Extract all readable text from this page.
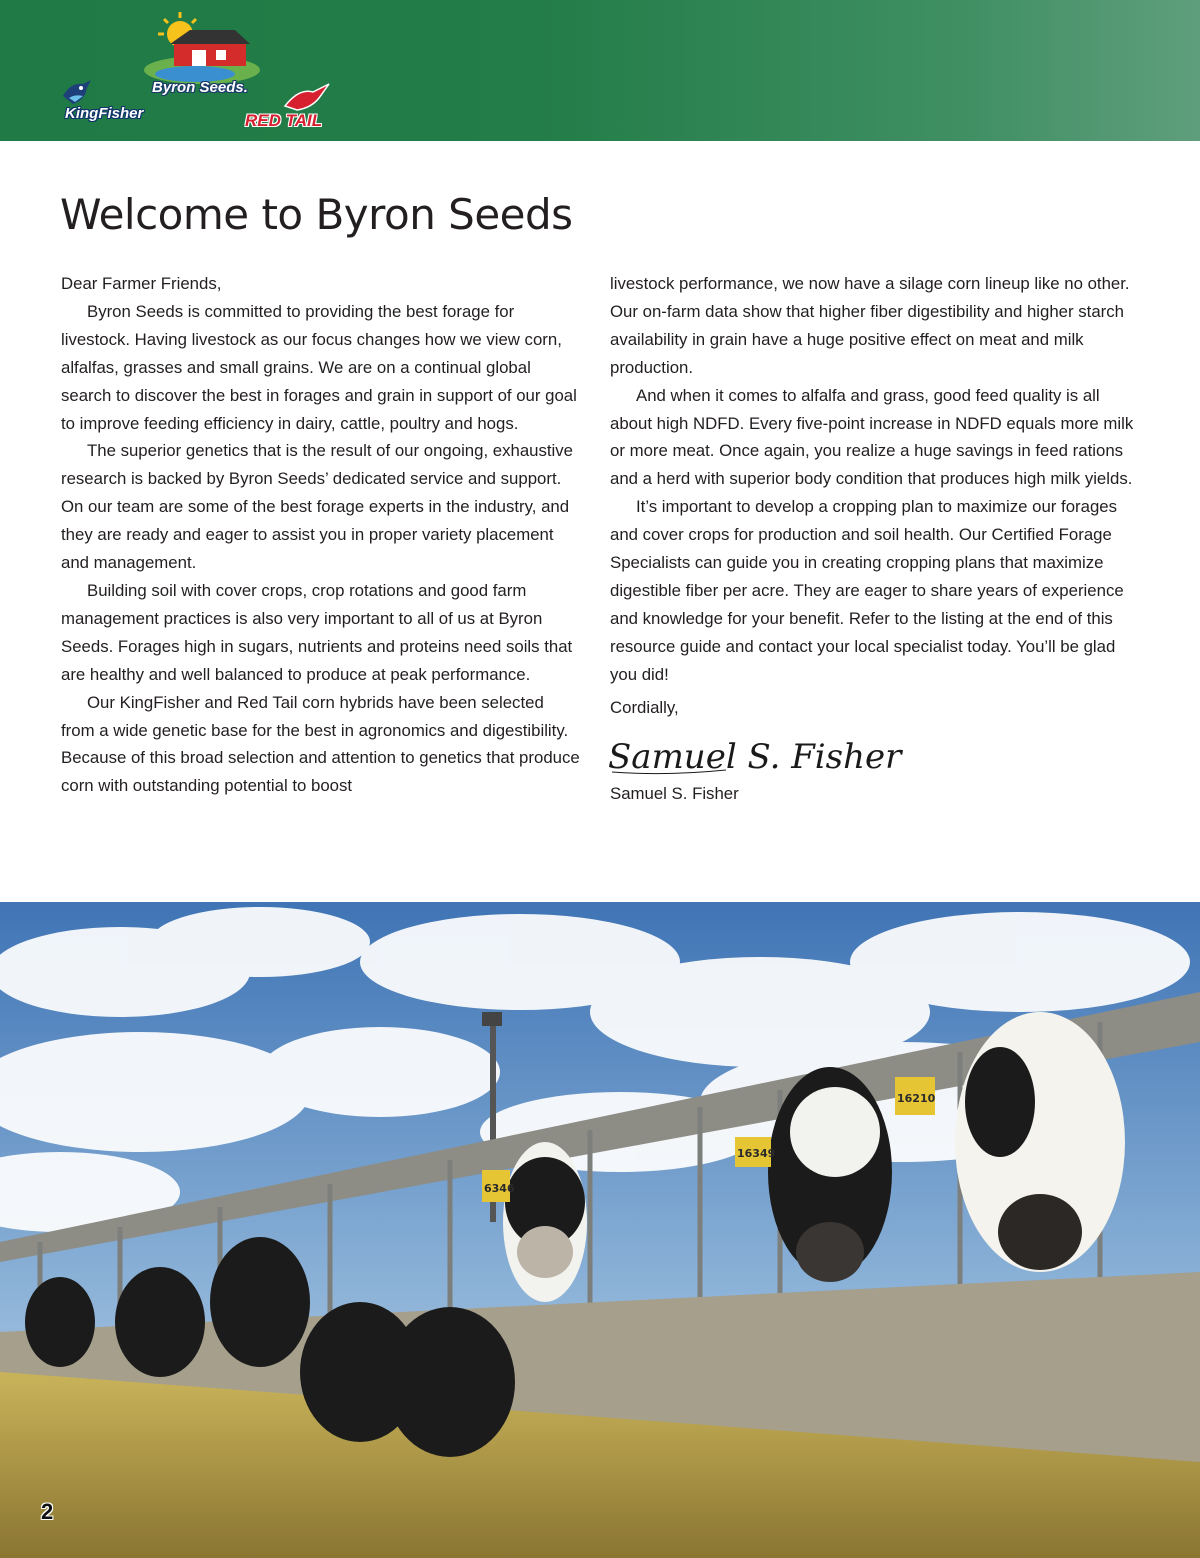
Byron Seeds.
KingFisher	RED TAIL
Welcome to Byron Seeds

Dear Farmer Friends,

Byron Seeds is committed to providing the best forage for livestock. Having livestock as our focus changes how we view corn, alfalfas, grasses and small grains. We are on a continual global search to discover the best in forages and grain in support of our goal to improve feeding efficiency in dairy, cattle, poultry and hogs.

The superior genetics that is the result of our ongoing, exhaustive research is backed by Byron Seeds’ dedicated service and support. On our team are some of the best forage experts in the industry, and they are ready and eager to assist you in proper variety placement and management.

Building soil with cover crops, crop rotations and good farm management practices is also very important to all of us at Byron Seeds. Forages high in sugars, nutrients and proteins need soils that are healthy and well balanced to produce at peak performance.

Our KingFisher and Red Tail corn hybrids have been selected from a wide genetic base for the best in agronomics and digestibility. Because of this broad selection and attention to genetics that produce corn with outstanding potential to boost

livestock performance, we now have a silage corn lineup like no other. Our on-farm data show that higher fiber digestibility and higher starch availability in grain have a huge positive effect on meat and milk production.

And when it comes to alfalfa and grass, good feed quality is all about high NDFD. Every five-point increase in NDFD equals more milk or more meat. Once again, you realize a huge savings in feed rations and a herd with superior body condition that produces high milk yields.

It’s important to develop a cropping plan to maximize our forages and cover crops for production and soil health. Our Certified Forage Specialists can guide you in creating cropping plans that maximize digestible fiber per acre. They are eager to share years of experience and knowledge for your benefit. Refer to the listing at the end of this resource guide and contact your local specialist today. You’ll be glad you did!

Cordially,

Samuel S. Fisher

Samuel S. Fisher

6346
16210
16349
2
